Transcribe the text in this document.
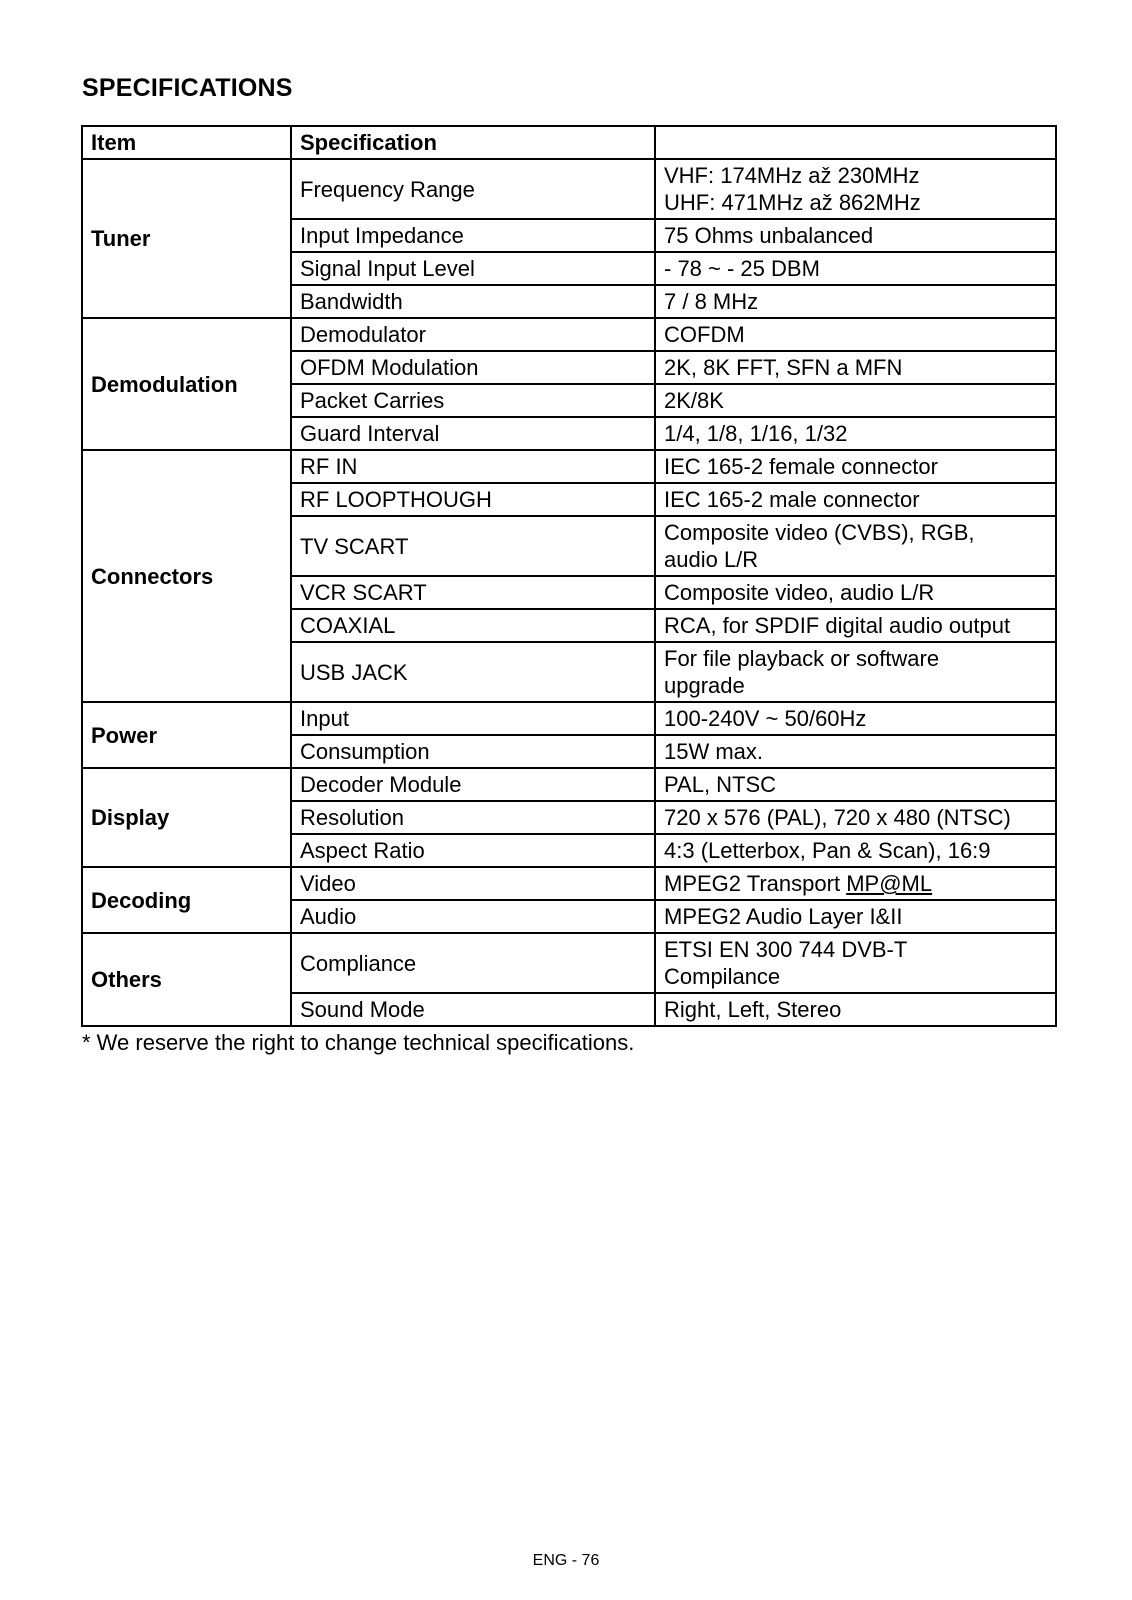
SPECIFICATIONS
Item	Specification	
Tuner	Frequency Range	VHF: 174MHz až 230MHz
UHF: 471MHz až 862MHz

	Input Impedance	75 Ohms unbalanced

	Signal Input Level	- 78 ~ - 25 DBM

	Bandwidth	7 / 8 MHz

Demodulation	Demodulator	COFDM

	OFDM Modulation	2K, 8K FFT, SFN a MFN

	Packet Carries	2K/8K

	Guard Interval	1/4, 1/8, 1/16, 1/32

Connectors	RF IN	IEC 165-2 female connector

	RF LOOPTHOUGH	IEC 165-2 male connector

	TV SCART	Composite video (CVBS), RGB,
audio L/R

	VCR SCART	Composite video, audio L/R

	COAXIAL	RCA, for SPDIF digital audio output

	USB JACK	For file playback or software
upgrade

Power	Input	100-240V ~ 50/60Hz

	Consumption	15W max.

Display	Decoder Module	PAL, NTSC

	Resolution	720 x 576 (PAL), 720 x 480 (NTSC)

	Aspect Ratio	4:3 (Letterbox, Pan & Scan), 16:9

Decoding	Video	MPEG2 Transport MP@ML

	Audio	MPEG2 Audio Layer I&II

Others	Compliance	ETSI EN 300 744 DVB-T
Compilance

	Sound Mode	Right, Left, Stereo
* We reserve the right to change technical specifications.
ENG - 76
